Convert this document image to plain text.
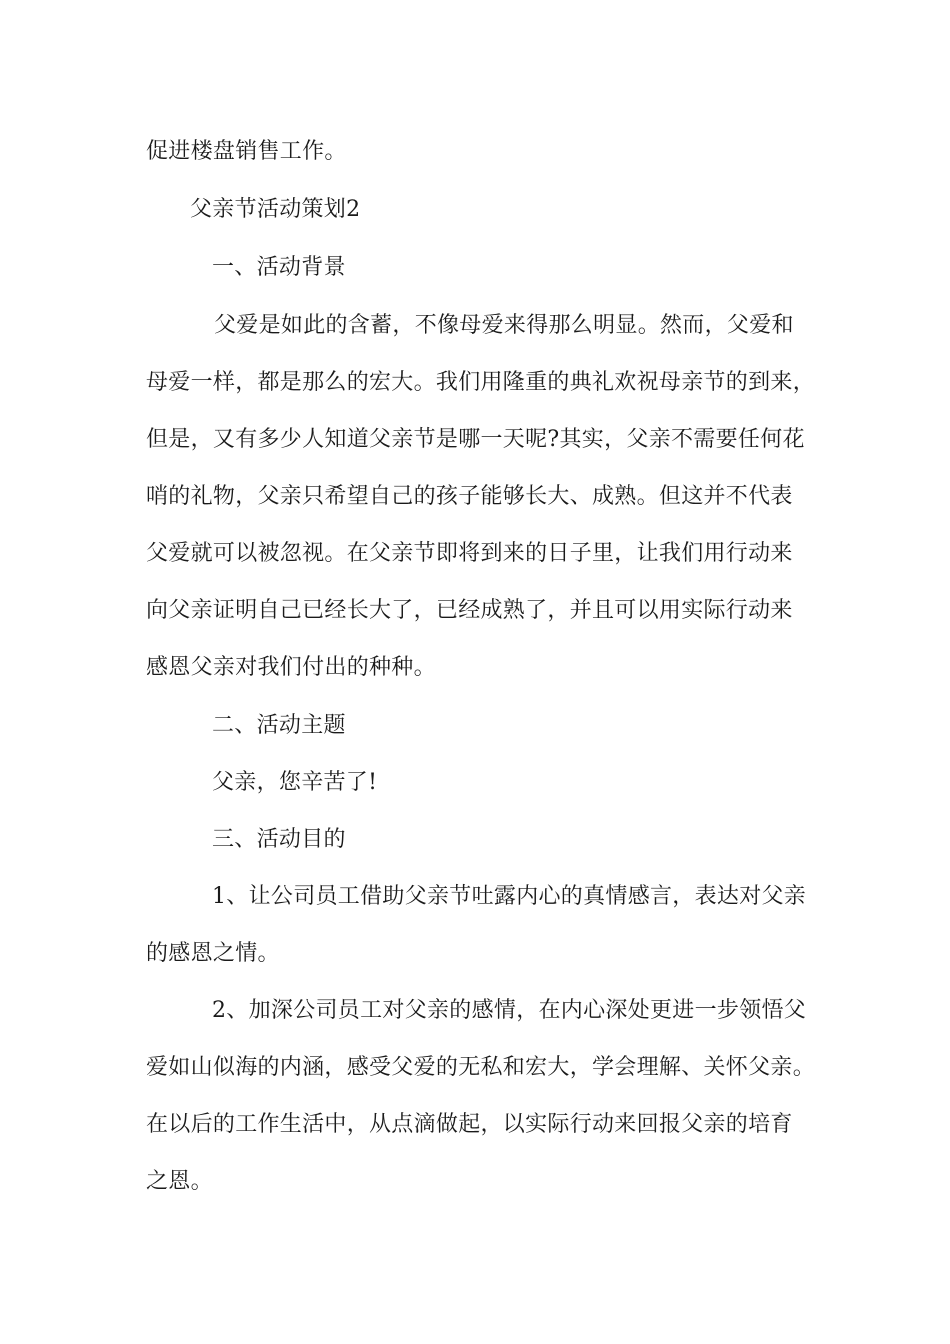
促进楼盘销售工作。

父亲节活动策划2

一、活动背景

父爱是如此的含蓄，不像母爱来得那么明显。然而，父爱和

母爱一样，都是那么的宏大。我们用隆重的典礼欢祝母亲节的到来，

但是，又有多少人知道父亲节是哪一天呢?其实，父亲不需要任何花

哨的礼物，父亲只希望自己的孩子能够长大、成熟。但这并不代表

父爱就可以被忽视。在父亲节即将到来的日子里，让我们用行动来

向父亲证明自己已经长大了，已经成熟了，并且可以用实际行动来

感恩父亲对我们付出的种种。

二、活动主题

父亲，您辛苦了!

三、活动目的

1、让公司员工借助父亲节吐露内心的真情感言，表达对父亲

的感恩之情。

2、加深公司员工对父亲的感情，在内心深处更进一步领悟父

爱如山似海的内涵，感受父爱的无私和宏大，学会理解、关怀父亲。

在以后的工作生活中，从点滴做起，以实际行动来回报父亲的培育

之恩。
